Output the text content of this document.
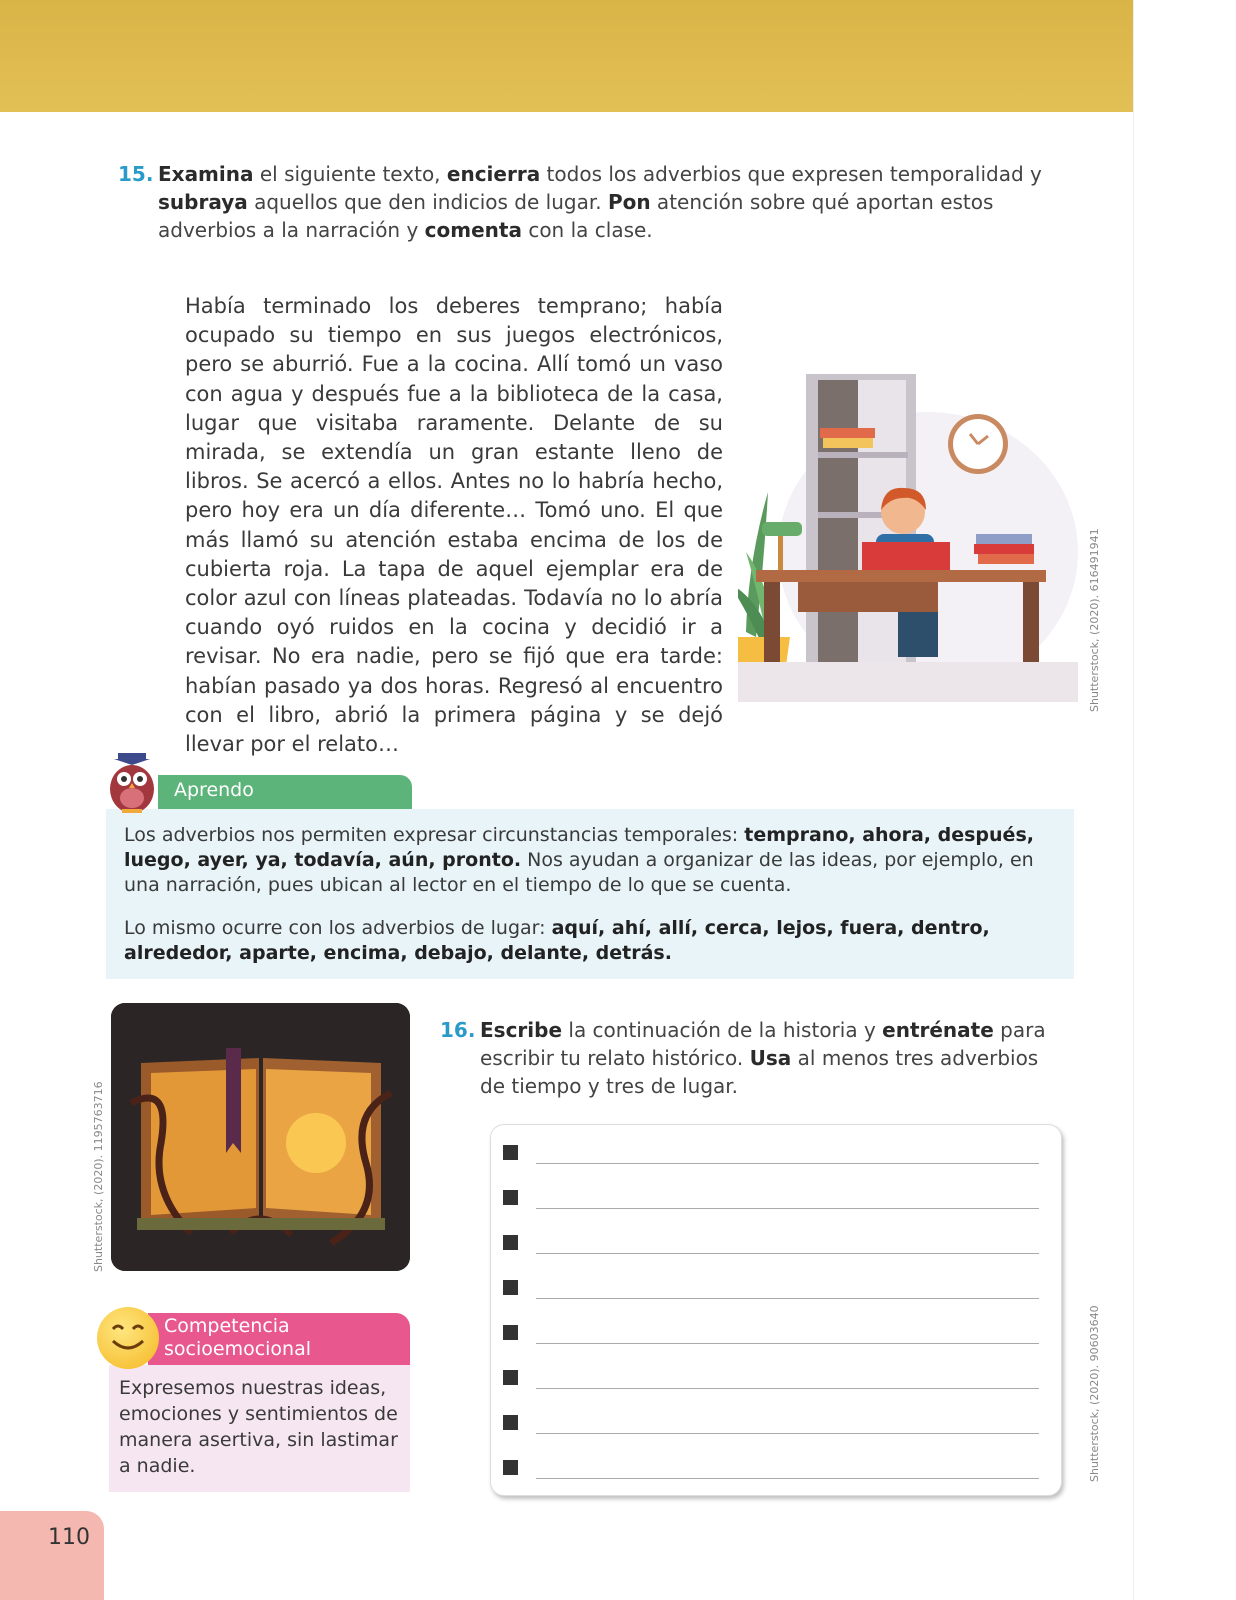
15. Examina el siguiente texto, encierra todos los adverbios que expresen temporalidad y subraya aquellos que den indicios de lugar. Pon atención sobre qué aportan estos adverbios a la narración y comenta con la clase.
Había terminado los deberes temprano; había ocupado su tiempo en sus juegos electrónicos, pero se aburrió. Fue a la cocina. Allí tomó un vaso con agua y después fue a la biblioteca de la casa, lugar que visitaba raramente. Delante de su mirada, se extendía un gran estante lleno de libros. Se acercó a ellos. Antes no lo habría hecho, pero hoy era un día diferente… Tomó uno. El que más llamó su atención estaba encima de los de cubierta roja. La tapa de aquel ejemplar era de color azul con líneas plateadas. Todavía no lo abría cuando oyó ruidos en la cocina y decidió ir a revisar. No era nadie, pero se fijó que era tarde: habían pasado ya dos horas. Regresó al encuentro con el libro, abrió la primera página y se dejó llevar por el relato…
Shutterstock, (2020). 616491941

Los adverbios nos permiten expresar circunstancias temporales: temprano, ahora, después, luego, ayer, ya, todavía, aún, pronto. Nos ayudan a organizar de las ideas, por ejemplo, en una narración, pues ubican al lector en el tiempo de lo que se cuenta.

Lo mismo ocurre con los adverbios de lugar: aquí, ahí, allí, cerca, lejos, fuera, dentro, alrededor, aparte, encima, debajo, delante, detrás.

Aprendo
Shutterstock, (2020). 1195763716
Expresemos nuestras ideas, emociones y sentimientos de manera asertiva, sin lastimar a nadie.
Competencia
socioemocional
16. Escribe la continuación de la historia y entrénate para escribir tu relato histórico. Usa al menos tres adverbios de tiempo y tres de lugar.
Shutterstock, (2020). 90603640
110
